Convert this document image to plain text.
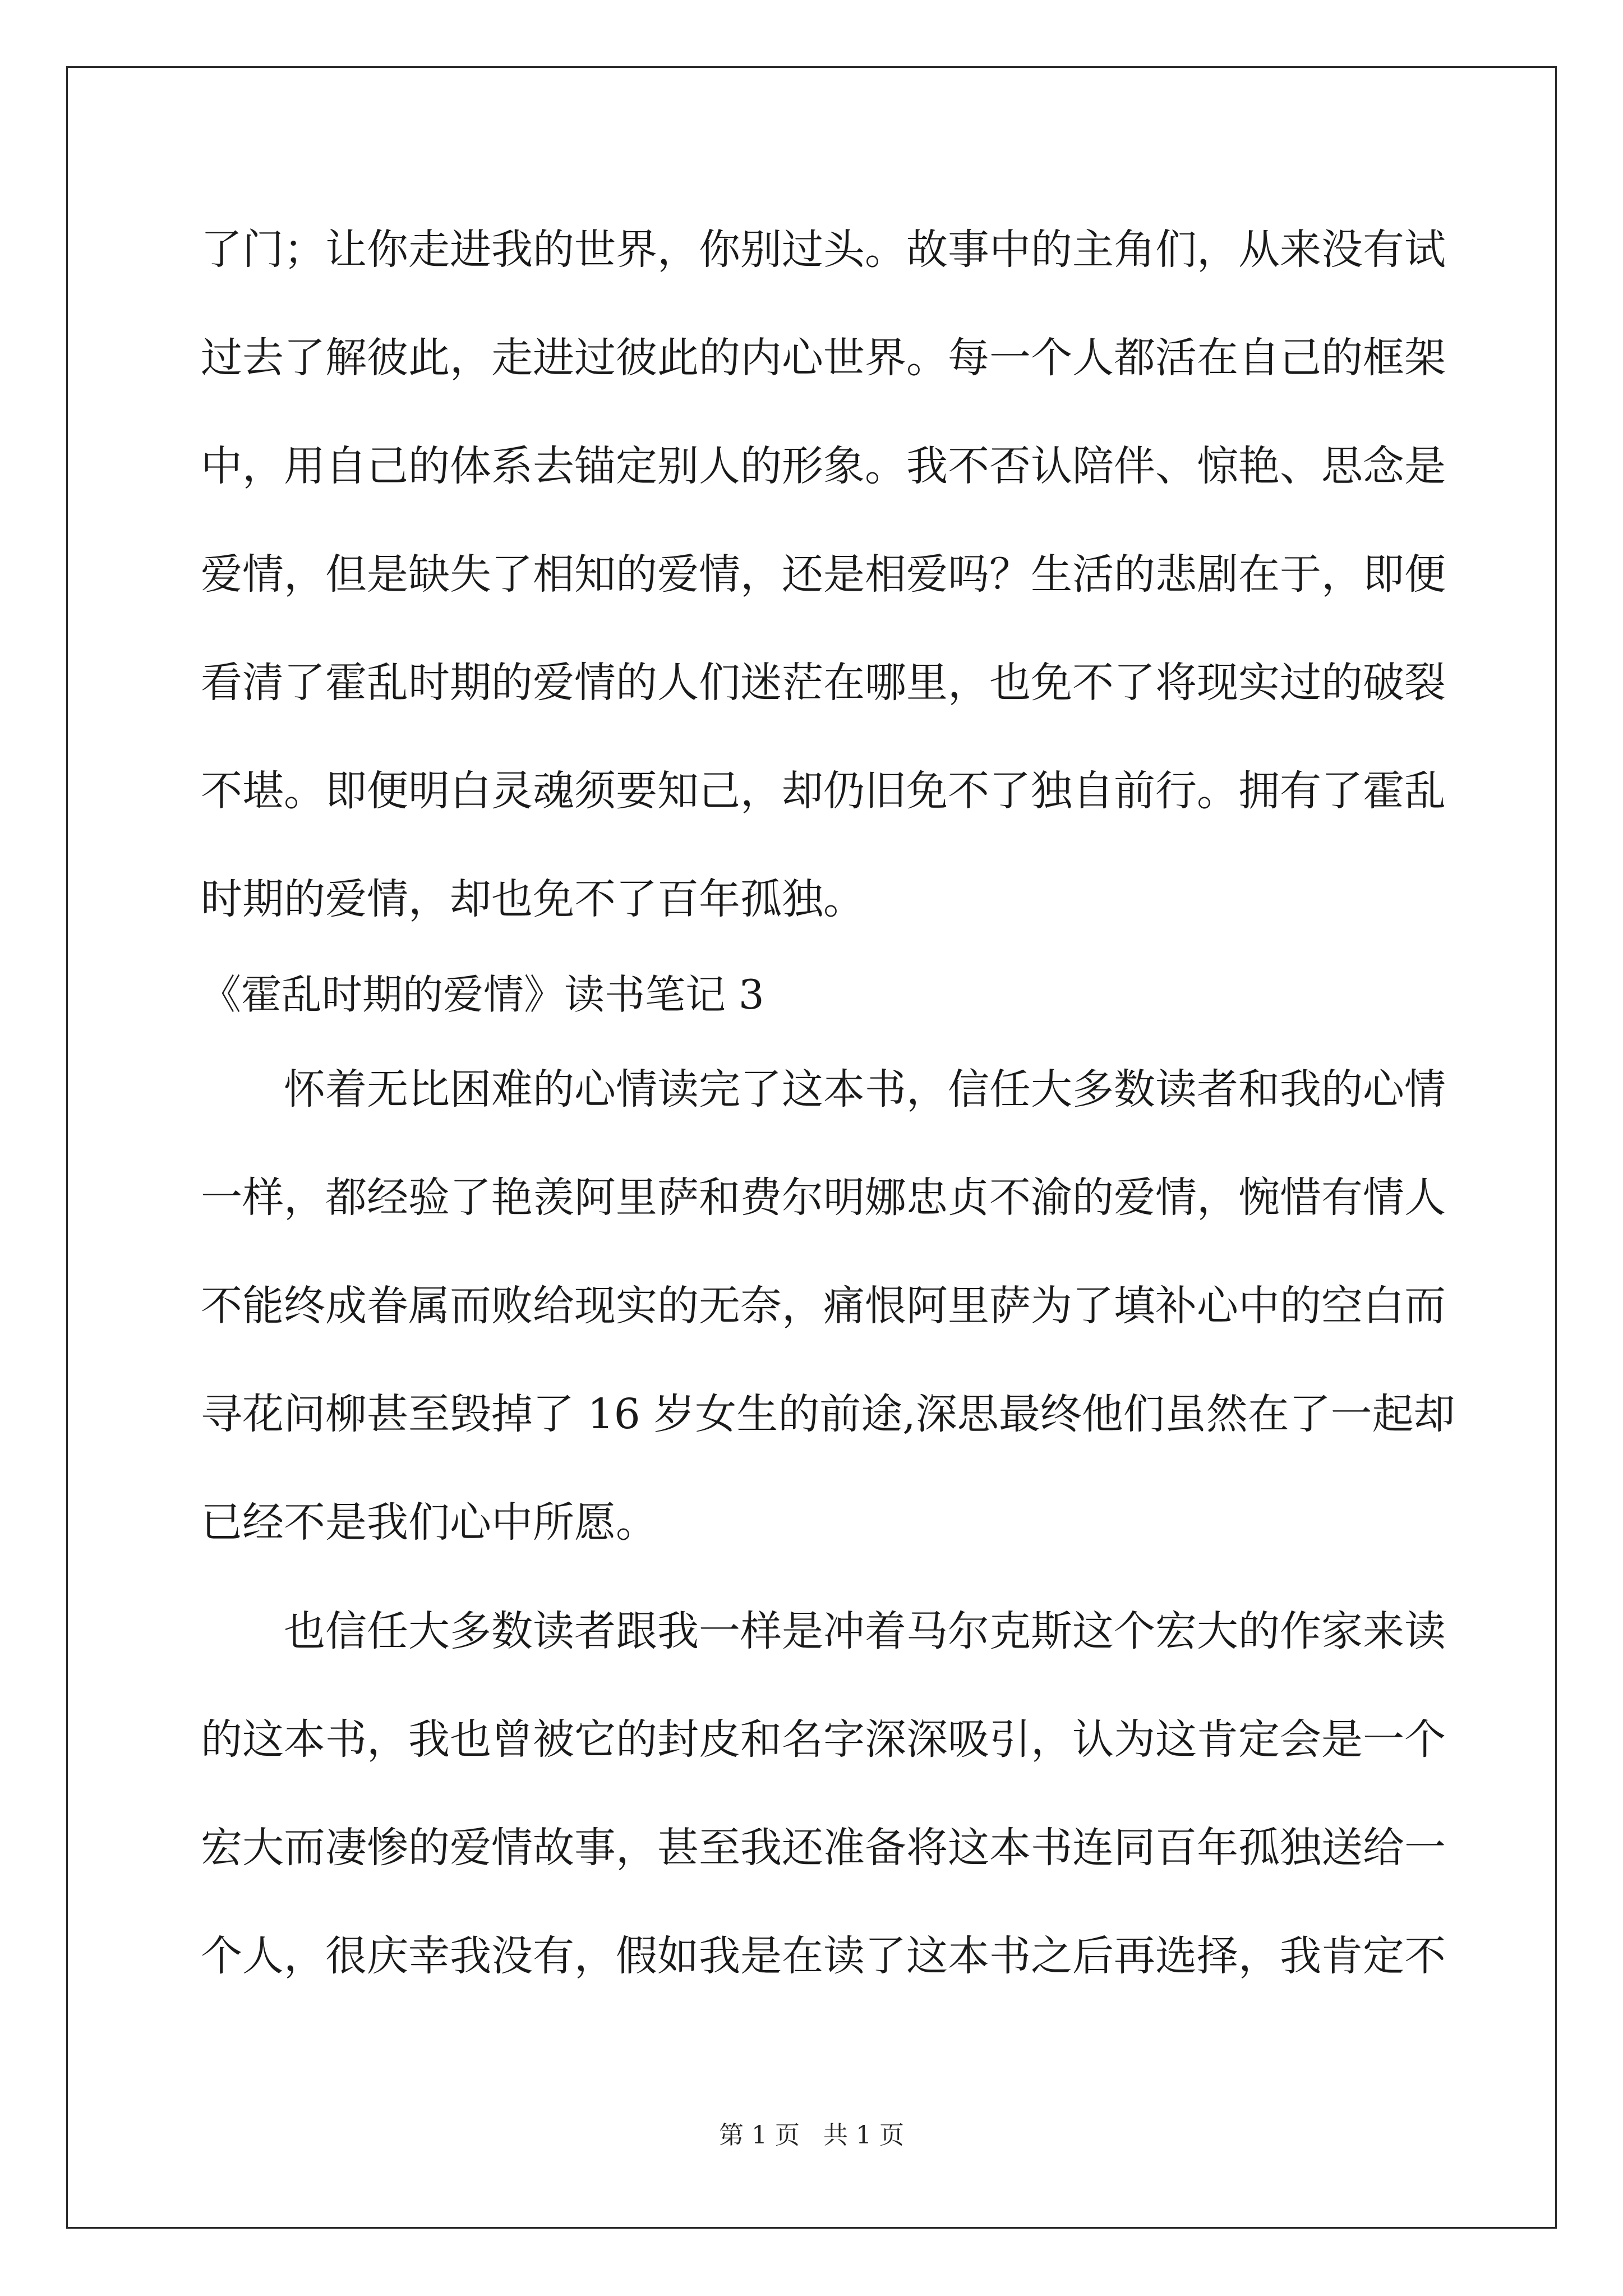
了门；让你走进我的世界，你别过头。故事中的主角们，从来没有试
过去了解彼此，走进过彼此的内心世界。每一个人都活在自己的框架
中，用自己的体系去锚定别人的形象。我不否认陪伴、惊艳、思念是
爱情，但是缺失了相知的爱情，还是相爱吗？生活的悲剧在于，即便
看清了霍乱时期的爱情的人们迷茫在哪里，也免不了将现实过的破裂
不堪。即便明白灵魂须要知己，却仍旧免不了独自前行。拥有了霍乱
时期的爱情，却也免不了百年孤独。
《霍乱时期的爱情》读书笔记 3
怀着无比困难的心情读完了这本书，信任大多数读者和我的心情
一样，都经验了艳羡阿里萨和费尔明娜忠贞不渝的爱情，惋惜有情人
不能终成眷属而败给现实的无奈，痛恨阿里萨为了填补心中的空白而
寻花问柳甚至毁掉了 16 岁女生的前途,深思最终他们虽然在了一起却
已经不是我们心中所愿。
也信任大多数读者跟我一样是冲着马尔克斯这个宏大的作家来读
的这本书，我也曾被它的封皮和名字深深吸引，认为这肯定会是一个
宏大而凄惨的爱情故事，甚至我还准备将这本书连同百年孤独送给一
个人，很庆幸我没有，假如我是在读了这本书之后再选择，我肯定不
第 1 页   共 1 页
